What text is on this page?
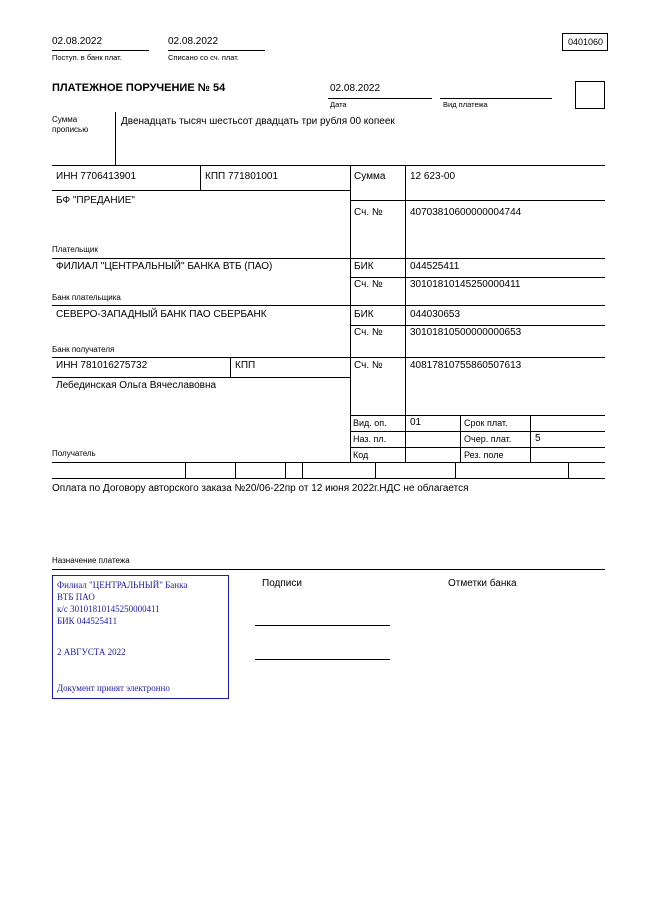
02.08.2022
Поступ. в банк плат.
02.08.2022
Списано со сч. плат.
0401060
ПЛАТЕЖНОЕ ПОРУЧЕНИЕ № 54	02.08.2022
Дата	Вид платежа
Сумма
прописью
Двенадцать тысяч шестьсот двадцать три рубля 00 копеек
ИНН 7706413901	КПП 771801001	Сумма 12 623-00
БФ "ПРЕДАНИЕ"
Сч. №	40703810600000004744
Плательщик
ФИЛИАЛ "ЦЕНТРАЛЬНЫЙ" БАНКА ВТБ (ПАО)	БИК	044525411
Сч. №	30101810145250000411
Банк плательщика
СЕВЕРО-ЗАПАДНЫЙ БАНК ПАО СБЕРБАНК	БИК	044030653
Сч. №	30101810500000000653
Банк получателя
ИНН 781016275732	КПП	Сч. №	40817810755860507613
Лебединская Ольга Вячеславовна
Вид. оп. 01	Срок плат.
Наз. пл.	Очер. плат. 5
Код	Рез. поле
Получатель
Оплата по Договору авторского заказа №20/06-22пр от 12 июня 2022г.НДС не облагается
Назначение платежа
Подписи	Отметки банка
Филиал "ЦЕНТРАЛЬНЫЙ" Банка
ВТБ ПАО
к/с 30101810145250000411
БИК 044525411
2 АВГУСТА 2022
Документ принят электронно
